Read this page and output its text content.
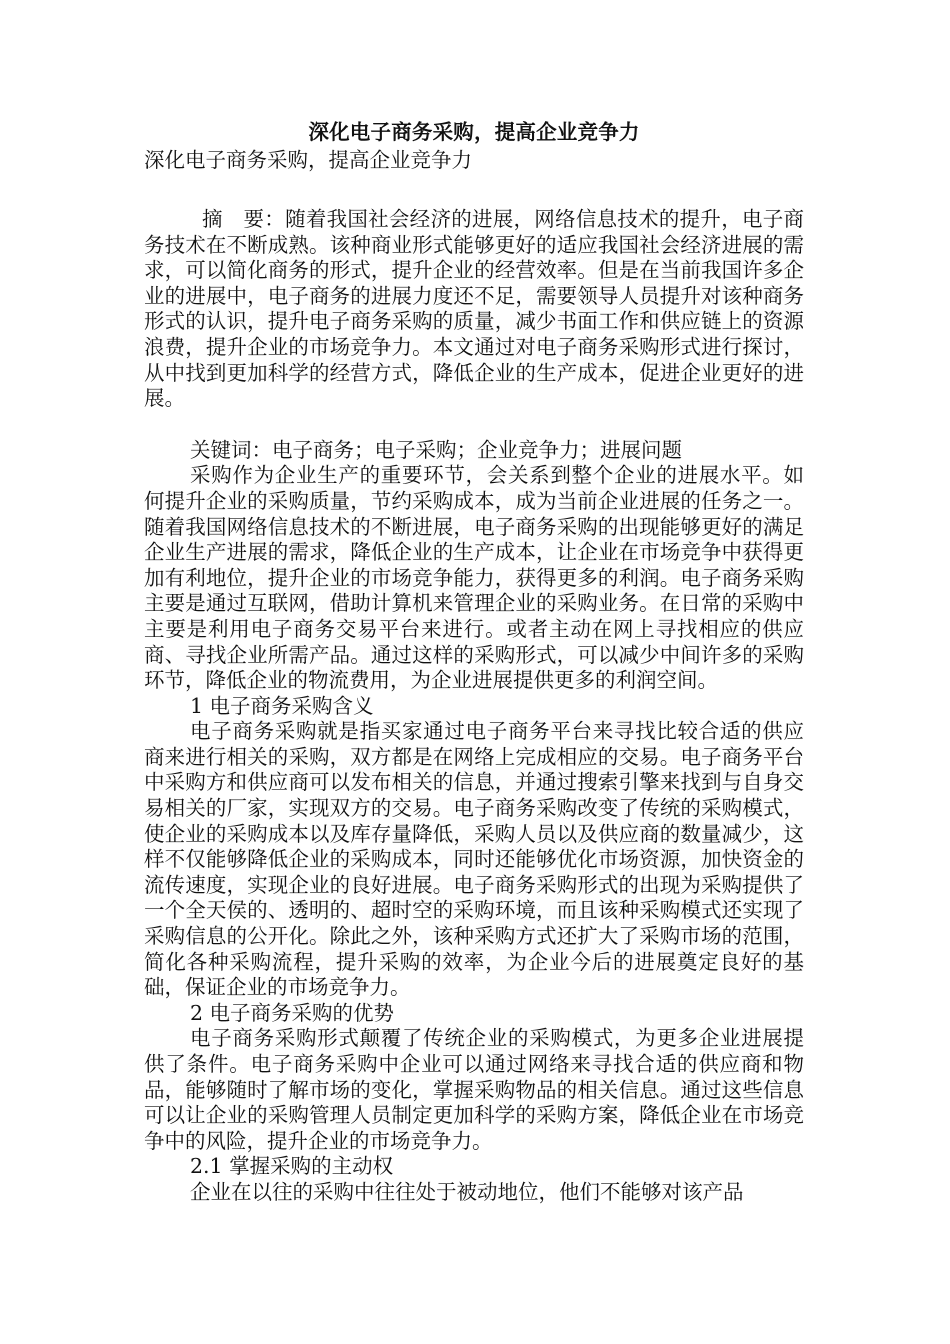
深化电子商务采购，提高企业竞争力

深化电子商务采购，提高企业竞争力

摘　要：随着我国社会经济的进展，网络信息技术的提升，电子商务技术在不断成熟。该种商业形式能够更好的适应我国社会经济进展的需求，可以简化商务的形式，提升企业的经营效率。但是在当前我国许多企业的进展中，电子商务的进展力度还不足，需要领导人员提升对该种商务形式的认识，提升电子商务采购的质量，减少书面工作和供应链上的资源浪费，提升企业的市场竞争力。本文通过对电子商务采购形式进行探讨，从中找到更加科学的经营方式，降低企业的生产成本，促进企业更好的进展。

关键词：电子商务；电子采购；企业竞争力；进展问题

采购作为企业生产的重要环节，会关系到整个企业的进展水平。如何提升企业的采购质量，节约采购成本，成为当前企业进展的任务之一。随着我国网络信息技术的不断进展，电子商务采购的出现能够更好的满足企业生产进展的需求，降低企业的生产成本，让企业在市场竞争中获得更加有利地位，提升企业的市场竞争能力，获得更多的利润。电子商务采购主要是通过互联网，借助计算机来管理企业的采购业务。在日常的采购中主要是利用电子商务交易平台来进行。或者主动在网上寻找相应的供应商、寻找企业所需产品。通过这样的采购形式，可以减少中间许多的采购环节，降低企业的物流费用，为企业进展提供更多的利润空间。

1 电子商务采购含义

电子商务采购就是指买家通过电子商务平台来寻找比较合适的供应商来进行相关的采购，双方都是在网络上完成相应的交易。电子商务平台中采购方和供应商可以发布相关的信息，并通过搜索引擎来找到与自身交易相关的厂家，实现双方的交易。电子商务采购改变了传统的采购模式，使企业的采购成本以及库存量降低，采购人员以及供应商的数量减少，这样不仅能够降低企业的采购成本，同时还能够优化市场资源，加快资金的流传速度，实现企业的良好进展。电子商务采购形式的出现为采购提供了一个全天侯的、透明的、超时空的采购环境，而且该种采购模式还实现了采购信息的公开化。除此之外，该种采购方式还扩大了采购市场的范围，简化各种采购流程，提升采购的效率，为企业今后的进展奠定良好的基础，保证企业的市场竞争力。

2 电子商务采购的优势

电子商务采购形式颠覆了传统企业的采购模式，为更多企业进展提供了条件。电子商务采购中企业可以通过网络来寻找合适的供应商和物品，能够随时了解市场的变化，掌握采购物品的相关信息。通过这些信息可以让企业的采购管理人员制定更加科学的采购方案，降低企业在市场竞争中的风险，提升企业的市场竞争力。

2.1 掌握采购的主动权

企业在以往的采购中往往处于被动地位，他们不能够对该产品
